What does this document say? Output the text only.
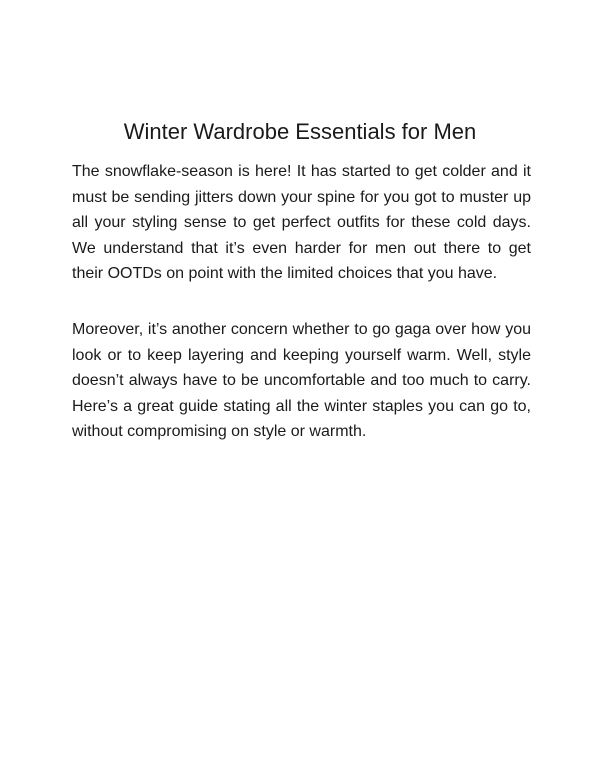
Winter Wardrobe Essentials for Men

The snowflake-season is here! It has started to get colder and it must be sending jitters down your spine for you got to muster up all your styling sense to get perfect outfits for these cold days. We understand that it’s even harder for men out there to get their OOTDs on point with the limited choices that you have.

Moreover, it’s another concern whether to go gaga over how you look or to keep layering and keeping yourself warm. Well, style doesn’t always have to be uncomfortable and too much to carry. Here’s a great guide stating all the winter staples you can go to, without compromising on style or warmth.
